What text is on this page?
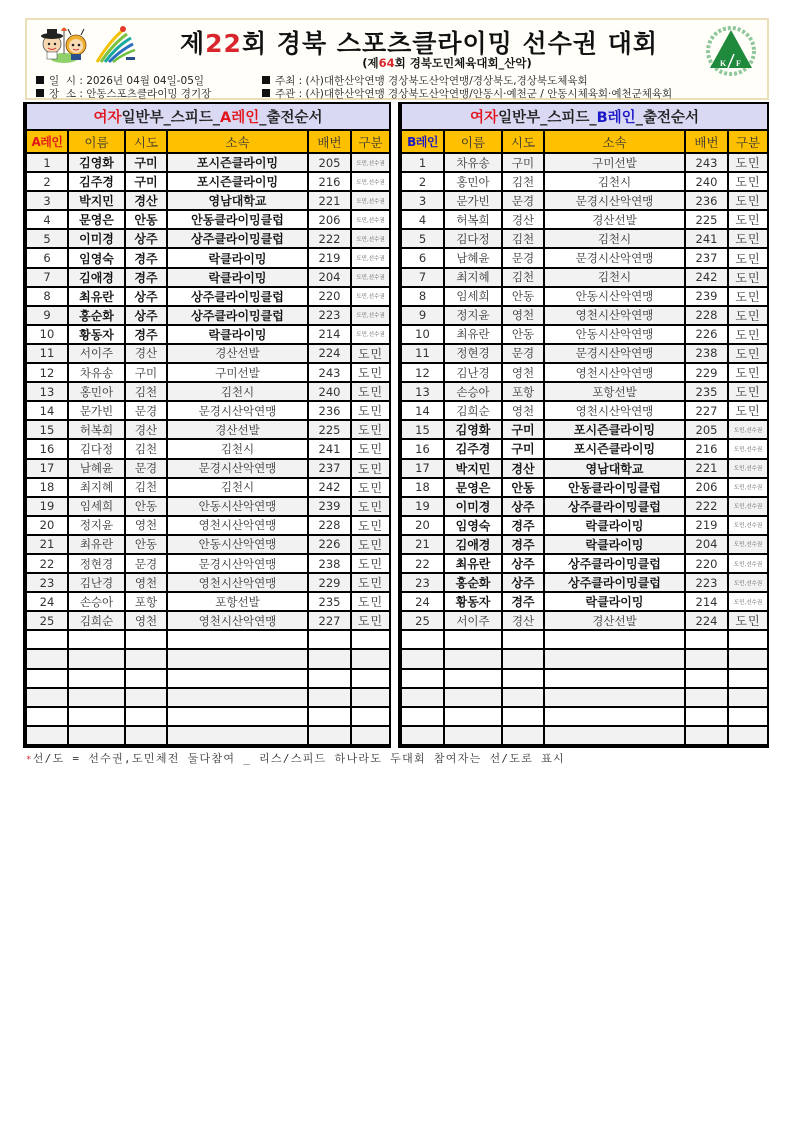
제22회 경북 스포츠클라이밍 선수권 대회
(제64회 경북도민체육대회_산악)
일  시 : 2026년 04월 04일-05일
장  소 : 안동스포츠클라이밍 경기장
주최 : (사)대한산악연맹 경상북도산악연맹/경상북도,경상북도체육회
주관 : (사)대한산악연맹 경상북도산악연맹/안동시·예천군 / 안동시체육회·예천군체육회
K F
여자일반부_스피드_A레인_출전순서					
A레인	이름	시도	소속	배번	구분
1	김영화	구미	포시즌클라이밍	205	도민,선수권
2	김주경	구미	포시즌클라이밍	216	도민,선수권
3	박지민	경산	영남대학교	221	도민,선수권
4	문영은	안동	안동클라이밍클럽	206	도민,선수권
5	이미경	상주	상주클라이밍클럽	222	도민,선수권
6	임영숙	경주	락클라이밍	219	도민,선수권
7	김애경	경주	락클라이밍	204	도민,선수권
8	최유란	상주	상주클라이밍클럽	220	도민,선수권
9	홍순화	상주	상주클라이밍클럽	223	도민,선수권
10	황동자	경주	락클라이밍	214	도민,선수권
11	서이주	경산	경산선발	224	도민
12	차유송	구미	구미선발	243	도민
13	홍민아	김천	김천시	240	도민
14	문가빈	문경	문경시산악연맹	236	도민
15	허복희	경산	경산선발	225	도민
16	김다정	김천	김천시	241	도민
17	남혜윤	문경	문경시산악연맹	237	도민
18	최지혜	김천	김천시	242	도민
19	임세희	안동	안동시산악연맹	239	도민
20	정지윤	영천	영천시산악연맹	228	도민
21	최유란	안동	안동시산악연맹	226	도민
22	정현경	문경	문경시산악연맹	238	도민
23	김난경	영천	영천시산악연맹	229	도민
24	손승아	포항	포항선발	235	도민
25	김희순	영천	영천시산악연맹	227	도민

여자일반부_스피드_B레인_출전순서					
B레인	이름	시도	소속	배번	구분
1	차유송	구미	구미선발	243	도민
2	홍민아	김천	김천시	240	도민
3	문가빈	문경	문경시산악연맹	236	도민
4	허복희	경산	경산선발	225	도민
5	김다정	김천	김천시	241	도민
6	남혜윤	문경	문경시산악연맹	237	도민
7	최지혜	김천	김천시	242	도민
8	임세희	안동	안동시산악연맹	239	도민
9	정지윤	영천	영천시산악연맹	228	도민
10	최유란	안동	안동시산악연맹	226	도민
11	정현경	문경	문경시산악연맹	238	도민
12	김난경	영천	영천시산악연맹	229	도민
13	손승아	포항	포항선발	235	도민
14	김희순	영천	영천시산악연맹	227	도민
15	김영화	구미	포시즌클라이밍	205	도민,선수권
16	김주경	구미	포시즌클라이밍	216	도민,선수권
17	박지민	경산	영남대학교	221	도민,선수권
18	문영은	안동	안동클라이밍클럽	206	도민,선수권
19	이미경	상주	상주클라이밍클럽	222	도민,선수권
20	임영숙	경주	락클라이밍	219	도민,선수권
21	김애경	경주	락클라이밍	204	도민,선수권
22	최유란	상주	상주클라이밍클럽	220	도민,선수권
23	홍순화	상주	상주클라이밍클럽	223	도민,선수권
24	황동자	경주	락클라이밍	214	도민,선수권
25	서이주	경산	경산선발	224	도민

*선/도 = 선수권,도민체전 둘다참여 _ 리스/스피드 하나라도 두대회 참여자는 선/도로 표시
